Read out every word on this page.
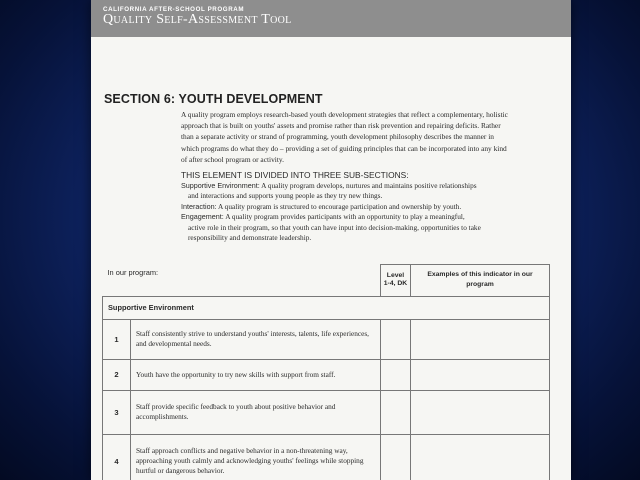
CALIFORNIA AFTER-SCHOOL PROGRAM
Quality Self-Assessment Tool
SECTION 6: YOUTH DEVELOPMENT

A quality program employs research-based youth development strategies that reflect a complementary, holistic approach that is built on youths' assets and promise rather than risk prevention and repairing deficits. Rather than a separate activity or strand of programming, youth development philosophy describes the manner in which programs do what they do – providing a set of guiding principles that can be incorporated into any kind of after school program or activity.

THIS ELEMENT IS DIVIDED INTO THREE SUB-SECTIONS:

Supportive Environment: A quality program develops, nurtures and maintains positive relationships
and interactions and supports young people as they try new things.

Interaction: A quality program is structured to encourage participation and ownership by youth.

Engagement: A quality program provides participants with an opportunity to play a meaningful,
active role in their program, so that youth can have input into decision-making, opportunities to take responsibility and demonstrate leadership.

In our program:		Level 1-4, DK	Examples of this indicator in our program
Supportive Environment			
1	Staff consistently strive to understand youths' interests, talents, life experiences, and developmental needs.		
2	Youth have the opportunity to try new skills with support from staff.		
3	Staff provide specific feedback to youth about positive behavior and accomplishments.		
4	Staff approach conflicts and negative behavior in a non-threatening way, approaching youth calmly and acknowledging youths' feelings while stopping hurtful or dangerous behavior.		
